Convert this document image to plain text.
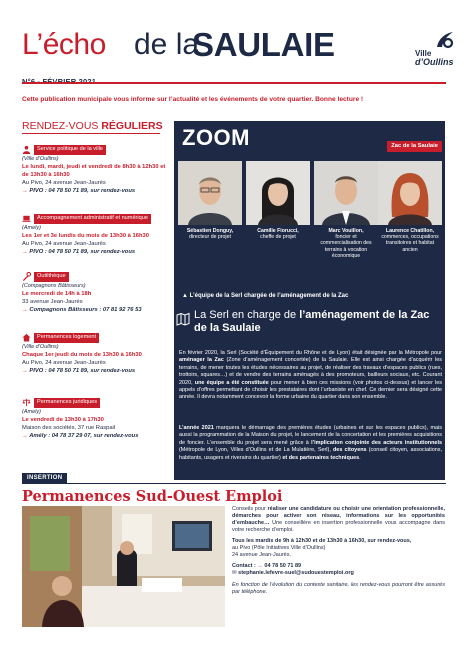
L’écho de la
SAULAIE	Ville
d’Oullins
Cette publication municipale vous informe sur l’actualité et les événements de votre quartier. Bonne lecture !
RENDEZ-VOUS RÉGULIERS
Service politique de la ville
(Ville d’Oullins)
Le lundi, mardi, jeudi et vendredi de 8h30 à 12h30 et de 13h30 à 16h30
Au Pivo, 24 avenue Jean-Jaurès
→ PIVO : 04 78 50 71 89, sur rendez-vous
Accompagnement administratif et numérique
(Amely)
Les 1er et 3e lundis du mois de 13h30 à 16h30
Au Pivo, 24 avenue Jean-Jaurès
→ PIVO : 04 78 50 71 89, sur rendez-vous
Outilthèque
(Compagnons Bâtisseurs)
Le mercredi de 14h à 18h
33 avenue Jean-Jaurès
→ Compagnons Bâtisseurs : 07 81 92 76 53
Permanences logement
(Ville d’Oullins)
Chaque 1er jeudi du mois de 13h30 à 16h30
Au Pivo, 24 avenue Jean-Jaurès
→ PIVO : 04 78 50 71 89, sur rendez-vous
Permanences juridiques
(Amely)
Le vendredi de 13h30 à 17h30
Maison des sociétés, 37 rue Raspail
→ Amély : 04 78 37 29 07, sur rendez-vous
ZOOM	Zac de la Saulaie
Sébastien Donguy,
directeur de projet
Camille Fiorucci,
cheffe de projet
Marc Vouillon,
foncier et commercialisation des terrains à vocation économique
Laurence Chatillon,
commerces, occupations transitoires et habitat ancien
▲ L’équipe de la Serl chargée de l’aménagement de la Zac
La Serl en charge de l’aménagement de la Zac de la Saulaie

En février 2020, la Serl (Société d’Équipement du Rhône et de Lyon) était désignée par la Métropole pour aménager la Zac (Zone d’aménagement concertée) de la Saulaie. Elle est ainsi chargée d’acquérir les terrains, de mener toutes les études nécessaires au projet, de réaliser des travaux d’espaces publics (rues, trottoirs, squares…) et de vendre des terrains aménagés à des promoteurs, bailleurs sociaux, etc. Courant 2020, une équipe a été constituée pour mener à bien ces missions (voir photos ci-dessus) et lancer les appels d’offres permettant de choisir les prestataires dont l’urbaniste en chef. Ce dernier sera désigné cette année. Il devra notamment concevoir la forme urbaine du quartier dans son ensemble.

L’année 2021 marquera le démarrage des premières études (urbaines et sur les espaces publics), mais aussi la programmation de la Maison du projet, le lancement de la concertation et les premières acquisitions de foncier. L’ensemble du projet sera mené grâce à l’implication conjointe des acteurs institutionnels (Métropole de Lyon, Villes d’Oullins et de La Mulatière, Serl), des citoyens (conseil citoyen, associations, habitants, usagers et riverains du quartier) et des partenaires techniques.

INSERTION
Permanences Sud-Ouest Emploi

Conseils pour réaliser une candidature ou choisir une orientation professionnelle, démarches pour activer son réseau, informations sur les opportunités d’embauche… Une conseillère en insertion professionnelle vous accompagne dans votre recherche d’emploi.

Tous les mardis de 9h à 12h30 et de 13h30 à 16h30, sur rendez-vous,

au Pivo (Pôle Initiatives Ville d’Oullins)

24 avenue Jean-Jaurès.

Contact : → 04 78 50 71 89

✉ stephanie.lefevre-suel@sudouestemploi.org

En fonction de l’évolution du contexte sanitaire, les rendez-vous pourront être assurés par téléphone.
